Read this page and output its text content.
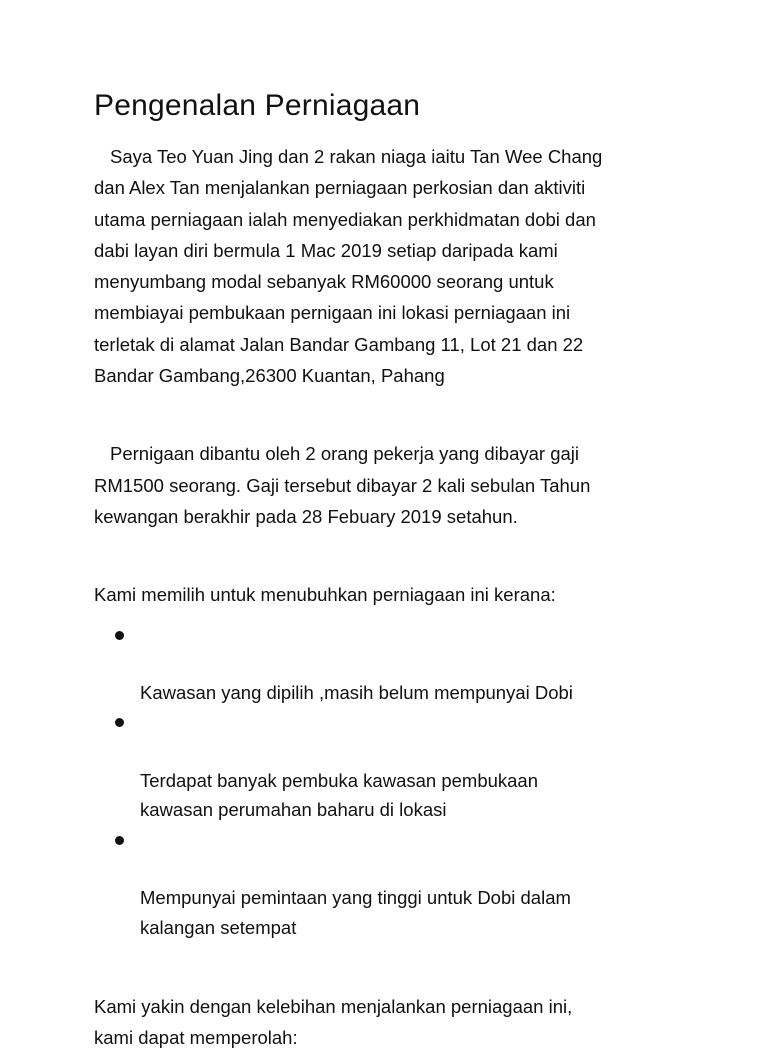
Pengenalan Perniagaan

Saya Teo Yuan Jing dan 2 rakan niaga iaitu Tan Wee Chang
dan Alex Tan menjalankan perniagaan perkosian dan aktiviti
utama perniagaan ialah menyediakan perkhidmatan dobi dan
dabi layan diri bermula 1 Mac 2019 setiap daripada kami
menyumbang modal sebanyak RM60000 seorang untuk
membiayai pembukaan pernigaan ini lokasi perniagaan ini
terletak di alamat Jalan Bandar Gambang 11, Lot 21 dan 22
Bandar Gambang,26300 Kuantan, Pahang

Pernigaan dibantu oleh 2 orang pekerja yang dibayar gaji
RM1500 seorang. Gaji tersebut dibayar 2 kali sebulan Tahun
kewangan berakhir pada 28 Febuary 2019 setahun.

Kami memilih untuk menubuhkan perniagaan ini kerana:

Kawasan yang dipilih ,masih belum mempunyai Dobi

Terdapat banyak pembuka kawasan pembukaan
kawasan perumahan baharu di lokasi

Mempunyai pemintaan yang tinggi untuk Dobi dalam
kalangan setempat

Kami yakin dengan kelebihan menjalankan perniagaan ini,
kami dapat memperolah:
